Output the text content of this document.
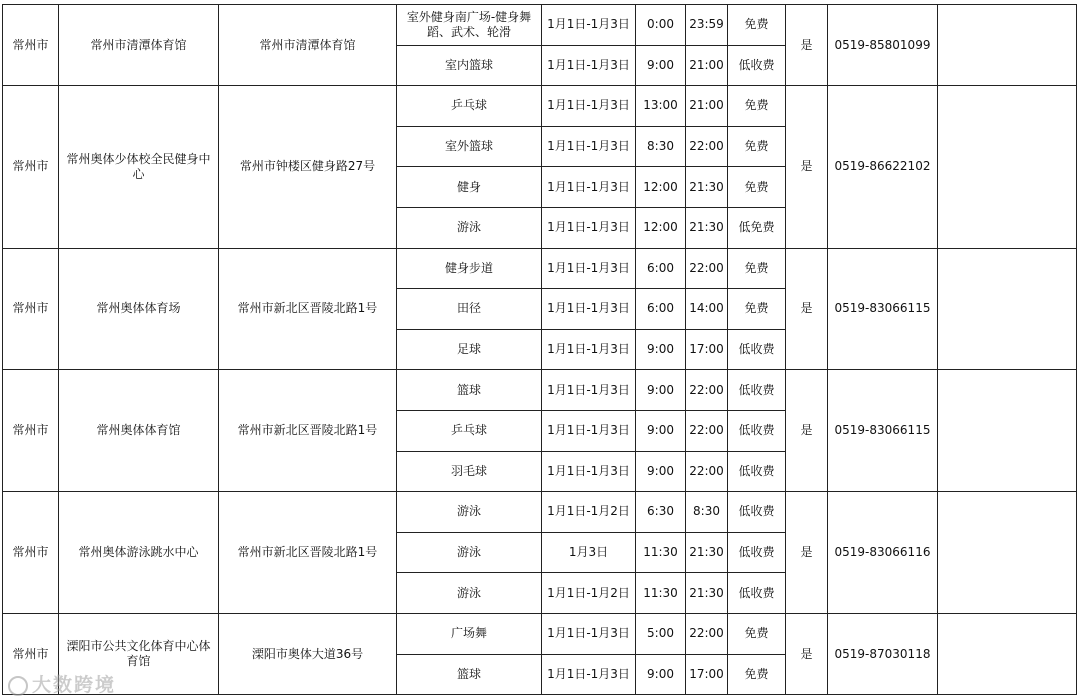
常州市	常州市清潭体育馆	常州市清潭体育馆	室外健身南广场-健身舞蹈、武术、轮滑	1月1日-1月3日	0:00	23:59	免费	是	0519-85801099	
			室内篮球	1月1日-1月3日	9:00	21:00	低收费			
常州市	常州奥体少体校全民健身中心	常州市钟楼区健身路27号	乒乓球	1月1日-1月3日	13:00	21:00	免费	是	0519-86622102	
			室外篮球	1月1日-1月3日	8:30	22:00	免费			
			健身	1月1日-1月3日	12:00	21:30	免费			
			游泳	1月1日-1月3日	12:00	21:30	低免费			
常州市	常州奥体体育场	常州市新北区晋陵北路1号	健身步道	1月1日-1月3日	6:00	22:00	免费	是	0519-83066115	
			田径	1月1日-1月3日	6:00	14:00	免费			
			足球	1月1日-1月3日	9:00	17:00	低收费			
常州市	常州奥体体育馆	常州市新北区晋陵北路1号	篮球	1月1日-1月3日	9:00	22:00	低收费	是	0519-83066115	
			乒乓球	1月1日-1月3日	9:00	22:00	低收费			
			羽毛球	1月1日-1月3日	9:00	22:00	低收费			
常州市	常州奥体游泳跳水中心	常州市新北区晋陵北路1号	游泳	1月1日-1月2日	6:30	8:30	低收费	是	0519-83066116	
			游泳	1月3日	11:30	21:30	低收费			
			游泳	1月1日-1月2日	11:30	21:30	低收费			
常州市	溧阳市公共文化体育中心体育馆	溧阳市奥体大道36号	广场舞	1月1日-1月3日	5:00	22:00	免费	是	0519-87030118	
			篮球	1月1日-1月3日	9:00	17:00	免费			
大数跨境
